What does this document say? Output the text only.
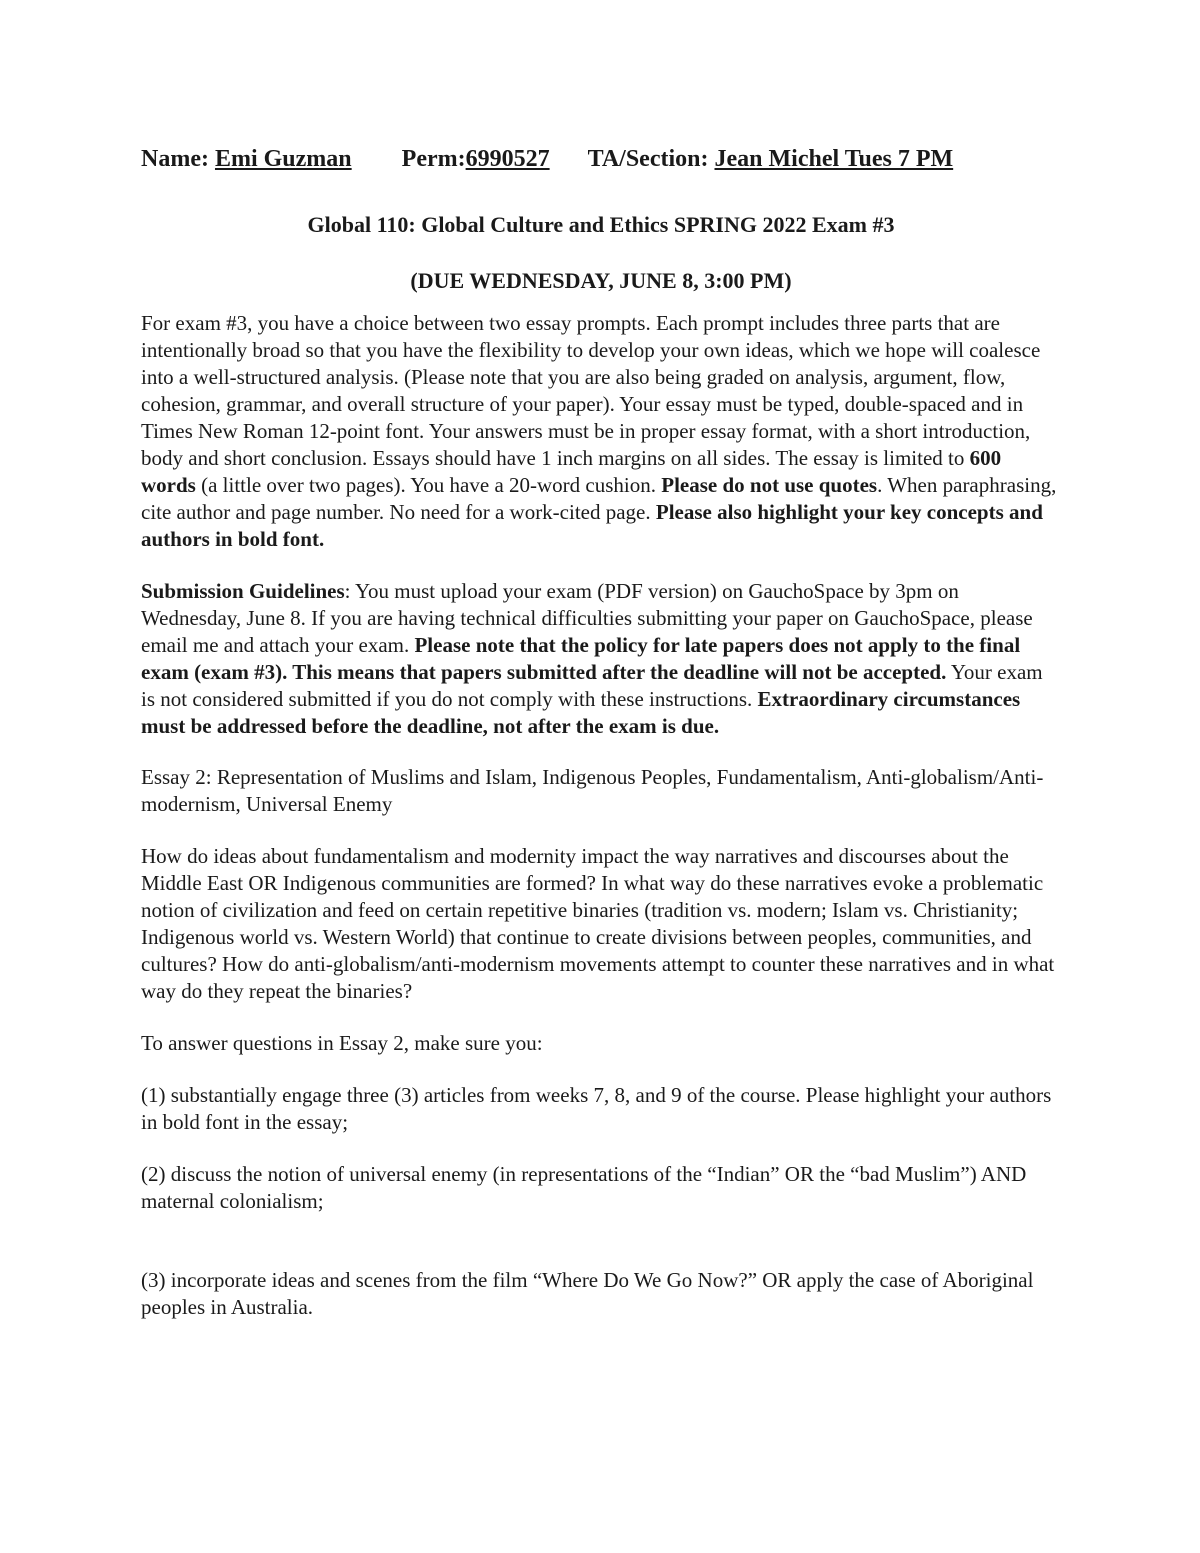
Name: Emi Guzman Perm:6990527 TA/Section: Jean Michel Tues 7 PM
Global 110: Global Culture and Ethics SPRING 2022 Exam #3
(DUE WEDNESDAY, JUNE 8, 3:00 PM)

For exam #3, you have a choice between two essay prompts. Each prompt includes three parts that are intentionally broad so that you have the flexibility to develop your own ideas, which we hope will coalesce into a well-structured analysis. (Please note that you are also being graded on analysis, argument, flow, cohesion, grammar, and overall structure of your paper). Your essay must be typed, double-spaced and in Times New Roman 12-point font. Your answers must be in proper essay format, with a short introduction, body and short conclusion. Essays should have 1 inch margins on all sides. The essay is limited to 600 words (a little over two pages). You have a 20-word cushion. Please do not use quotes. When paraphrasing, cite author and page number. No need for a work-cited page. Please also highlight your key concepts and authors in bold font.

Submission Guidelines: You must upload your exam (PDF version) on GauchoSpace by 3pm on Wednesday, June 8. If you are having technical difficulties submitting your paper on GauchoSpace, please email me and attach your exam. Please note that the policy for late papers does not apply to the final exam (exam #3). This means that papers submitted after the deadline will not be accepted. Your exam is not considered submitted if you do not comply with these instructions. Extraordinary circumstances must be addressed before the deadline, not after the exam is due.

Essay 2: Representation of Muslims and Islam, Indigenous Peoples, Fundamentalism, Anti-globalism/Anti-modernism, Universal Enemy

How do ideas about fundamentalism and modernity impact the way narratives and discourses about the Middle East OR Indigenous communities are formed? In what way do these narratives evoke a problematic notion of civilization and feed on certain repetitive binaries (tradition vs. modern; Islam vs. Christianity; Indigenous world vs. Western World) that continue to create divisions between peoples, communities, and cultures? How do anti-globalism/anti-modernism movements attempt to counter these narratives and in what way do they repeat the binaries?

To answer questions in Essay 2, make sure you:

(1) substantially engage three (3) articles from weeks 7, 8, and 9 of the course. Please highlight your authors in bold font in the essay;

(2) discuss the notion of universal enemy (in representations of the “Indian” OR the “bad Muslim”) AND maternal colonialism;

(3) incorporate ideas and scenes from the film “Where Do We Go Now?” OR apply the case of Aboriginal peoples in Australia.
